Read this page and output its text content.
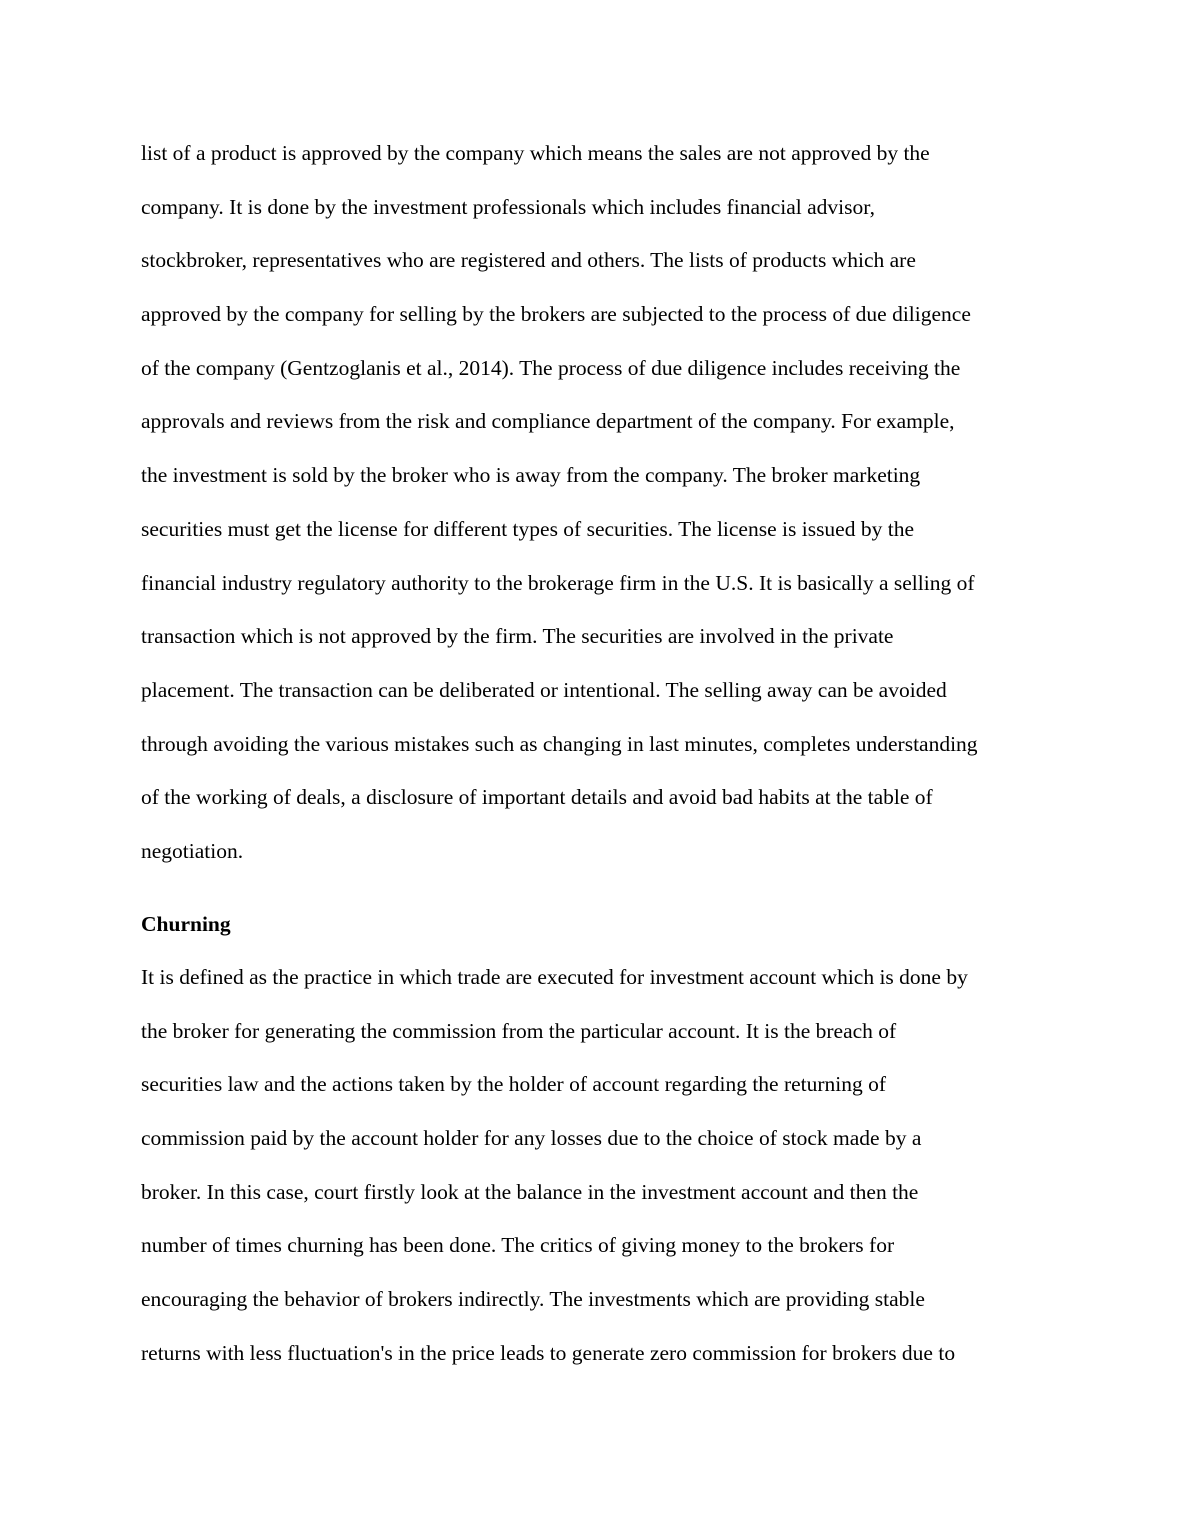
list of a product is approved by the company which means the sales are not approved by the
company. It is done by the investment professionals which includes financial advisor,
stockbroker, representatives who are registered and others. The lists of products which are
approved by the company for selling by the brokers are subjected to the process of due diligence
of the company (Gentzoglanis et al., 2014). The process of due diligence includes receiving the
approvals and reviews from the risk and compliance department of the company. For example,
the investment is sold by the broker who is away from the company. The broker marketing
securities must get the license for different types of securities. The license is issued by the
financial industry regulatory authority to the brokerage firm in the U.S. It is basically a selling of
transaction which is not approved by the firm. The securities are involved in the private
placement. The transaction can be deliberated or intentional. The selling away can be avoided
through avoiding the various mistakes such as changing in last minutes, completes understanding
of the working of deals, a disclosure of important details and avoid bad habits at the table of
negotiation.

Churning

It is defined as the practice in which trade are executed for investment account which is done by
the broker for generating the commission from the particular account. It is the breach of
securities law and the actions taken by the holder of account regarding the returning of
commission paid by the account holder for any losses due to the choice of stock made by a
broker. In this case, court firstly look at the balance in the investment account and then the
number of times churning has been done. The critics of giving money to the brokers for
encouraging the behavior of brokers indirectly. The investments which are providing stable
returns with less fluctuation's in the price leads to generate zero commission for brokers due to
